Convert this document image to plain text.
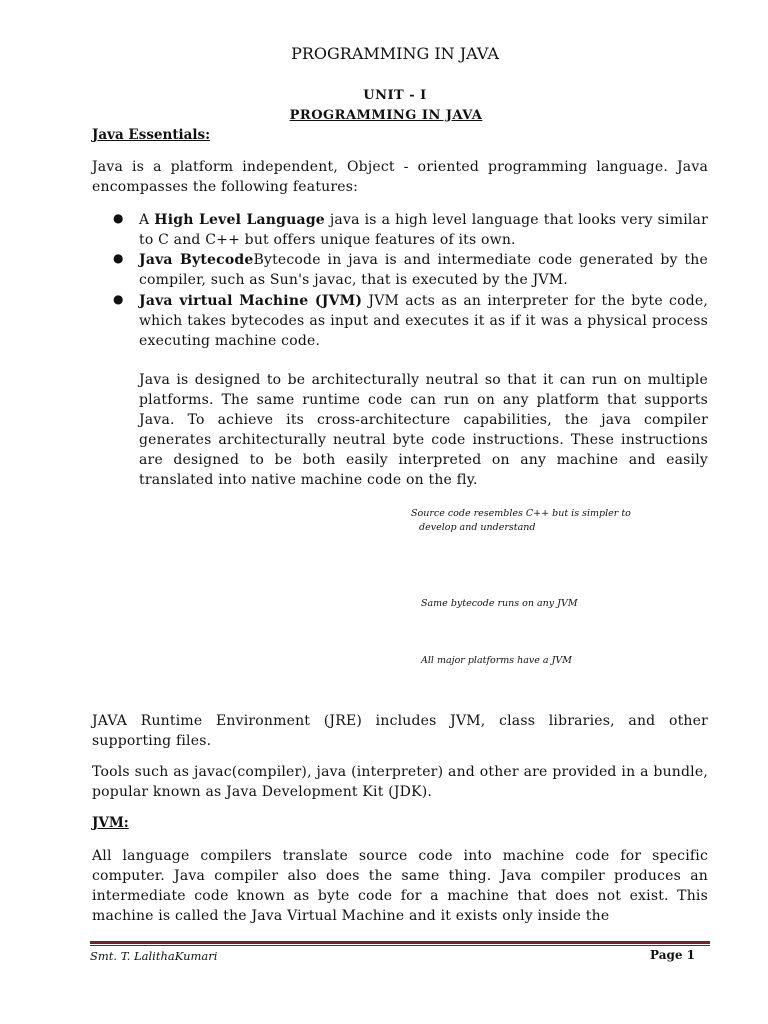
PROGRAMMING IN JAVA
UNIT - I
PROGRAMMING IN JAVA
Java Essentials:
Java is a platform independent, Object - oriented programming language. Java encompasses the following features:
● A High Level Language java is a high level language that looks very similar to C and C++ but offers unique features of its own.
● Java BytecodeBytecode in java is and intermediate code generated by the compiler, such as Sun's javac, that is executed by the JVM.
● Java virtual Machine (JVM) JVM acts as an interpreter for the byte code, which takes bytecodes as input and executes it as if it was a physical process executing machine code.
Java is designed to be architecturally neutral so that it can run on multiple platforms. The same runtime code can run on any platform that supports Java. To achieve its cross-architecture capabilities, the java compiler generates architecturally neutral byte code instructions. These instructions are designed to be both easily interpreted on any machine and easily translated into native machine code on the fly.
Source code resembles C++ but is simpler to
develop and understand
Same bytecode runs on any JVM
All major platforms have a JVM
JAVA Runtime Environment (JRE) includes JVM, class libraries, and other supporting files.
Tools such as javac(compiler), java (interpreter) and other are provided in a bundle, popular known as Java Development Kit (JDK).
JVM:
All language compilers translate source code into machine code for specific computer. Java compiler also does the same thing. Java compiler produces an intermediate code known as byte code for a machine that does not exist. This machine is called the Java Virtual Machine and it exists only inside the
Smt. T. LalithaKumari	Page 1
